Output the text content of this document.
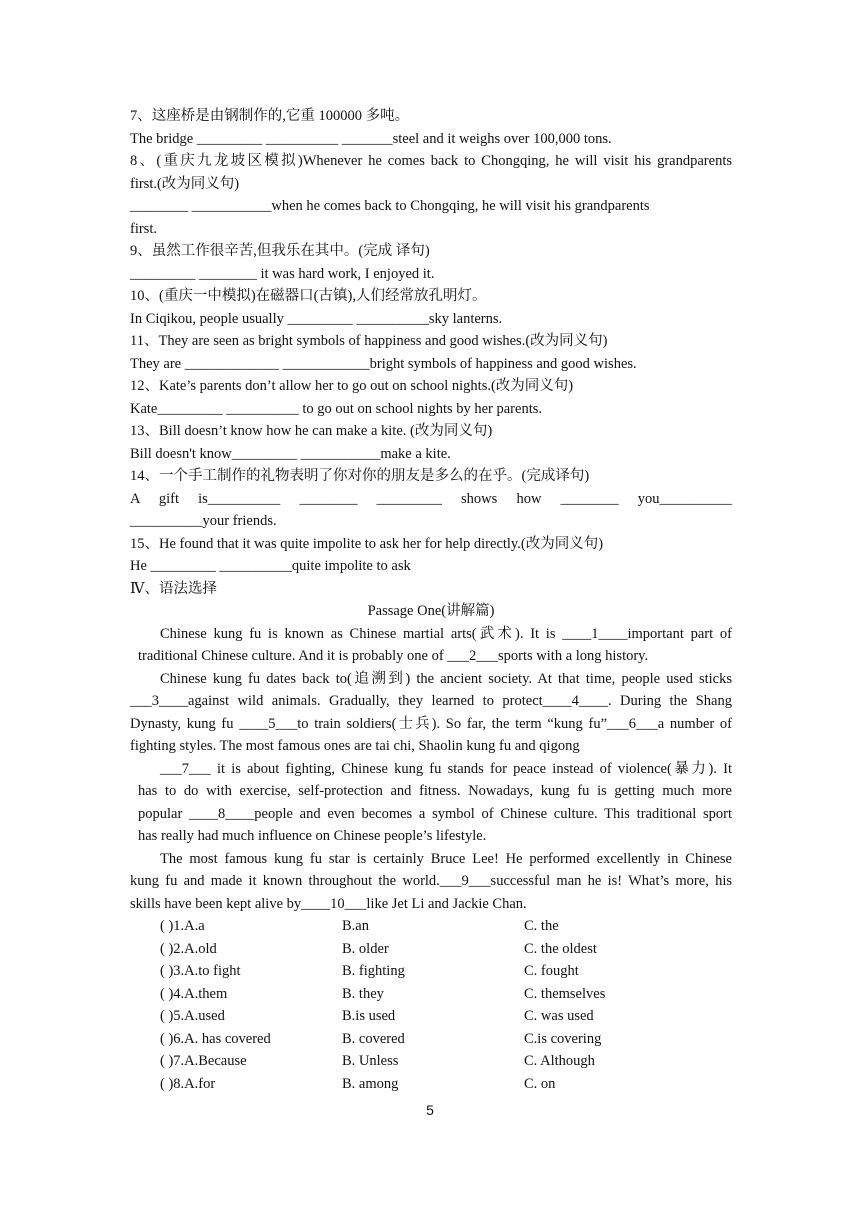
7、这座桥是由钢制作的,它重 100000 多吨。
The bridge _________ __________ _______steel and it weighs over 100,000 tons.
8、(重庆九龙坡区模拟)Whenever he comes back to Chongqing, he will visit his grandparents
first.(改为同义句)
________ ___________when he comes back to Chongqing, he will visit his grandparents
first.
9、虽然工作很辛苦,但我乐在其中。(完成 译句)
_________ ________ it was hard work, I enjoyed it.
10、(重庆一中模拟)在磁器口(古镇),人们经常放孔明灯。
In Ciqikou, people usually _________ __________sky lanterns.
11、They are seen as bright symbols of happiness and good wishes.(改为同义句)
They are _____________ ____________bright symbols of happiness and good wishes.
12、Kate’s parents don’t allow her to go out on school nights.(改为同义句)
Kate_________ __________ to go out on school nights by her parents.
13、Bill doesn’t know how he can make a kite. (改为同义句)
Bill doesn't know_________ ___________make a kite.
14、一个手工制作的礼物表明了你对你的朋友是多么的在乎。(完成译句)
A gift is__________ ________ _________ shows how ________ you__________
__________your friends.
15、He found that it was quite impolite to ask her for help directly.(改为同义句)
He _________ __________quite impolite to ask
Ⅳ、语法选择
Passage One(讲解篇)
Chinese kung fu is known as Chinese martial arts(武术). It is ____1____important part of
traditional Chinese culture. And it is probably one of ___2___sports with a long history.
Chinese kung fu dates back to(追溯到) the ancient society. At that time, people used sticks
___3____against wild animals. Gradually, they learned to protect____4____. During the Shang
Dynasty, kung fu ____5___to train soldiers(士兵). So far, the term “kung fu”___6___a number of
fighting styles. The most famous ones are tai chi, Shaolin kung fu and qigong
___7___ it is about fighting, Chinese kung fu stands for peace instead of violence(暴力). It
has to do with exercise, self-protection and fitness. Nowadays, kung fu is getting much more
popular ____8____people and even becomes a symbol of Chinese culture. This traditional sport
has really had much influence on Chinese people’s lifestyle.
The most famous kung fu star is certainly Bruce Lee! He performed excellently in Chinese
kung fu and made it known throughout the world.___9___successful man he is! What’s more, his
skills have been kept alive by____10___like Jet Li and Jackie Chan.
( )1.A.a	B.an	C. the
( )2.A.old	B. older	C. the oldest
( )3.A.to fight	B. fighting	C. fought
( )4.A.them	B. they	C. themselves
( )5.A.used	B.is used	C. was used
( )6.A. has covered	B. covered	C.is covering
( )7.A.Because	B. Unless	C. Although
( )8.A.for	B. among	C. on
5
